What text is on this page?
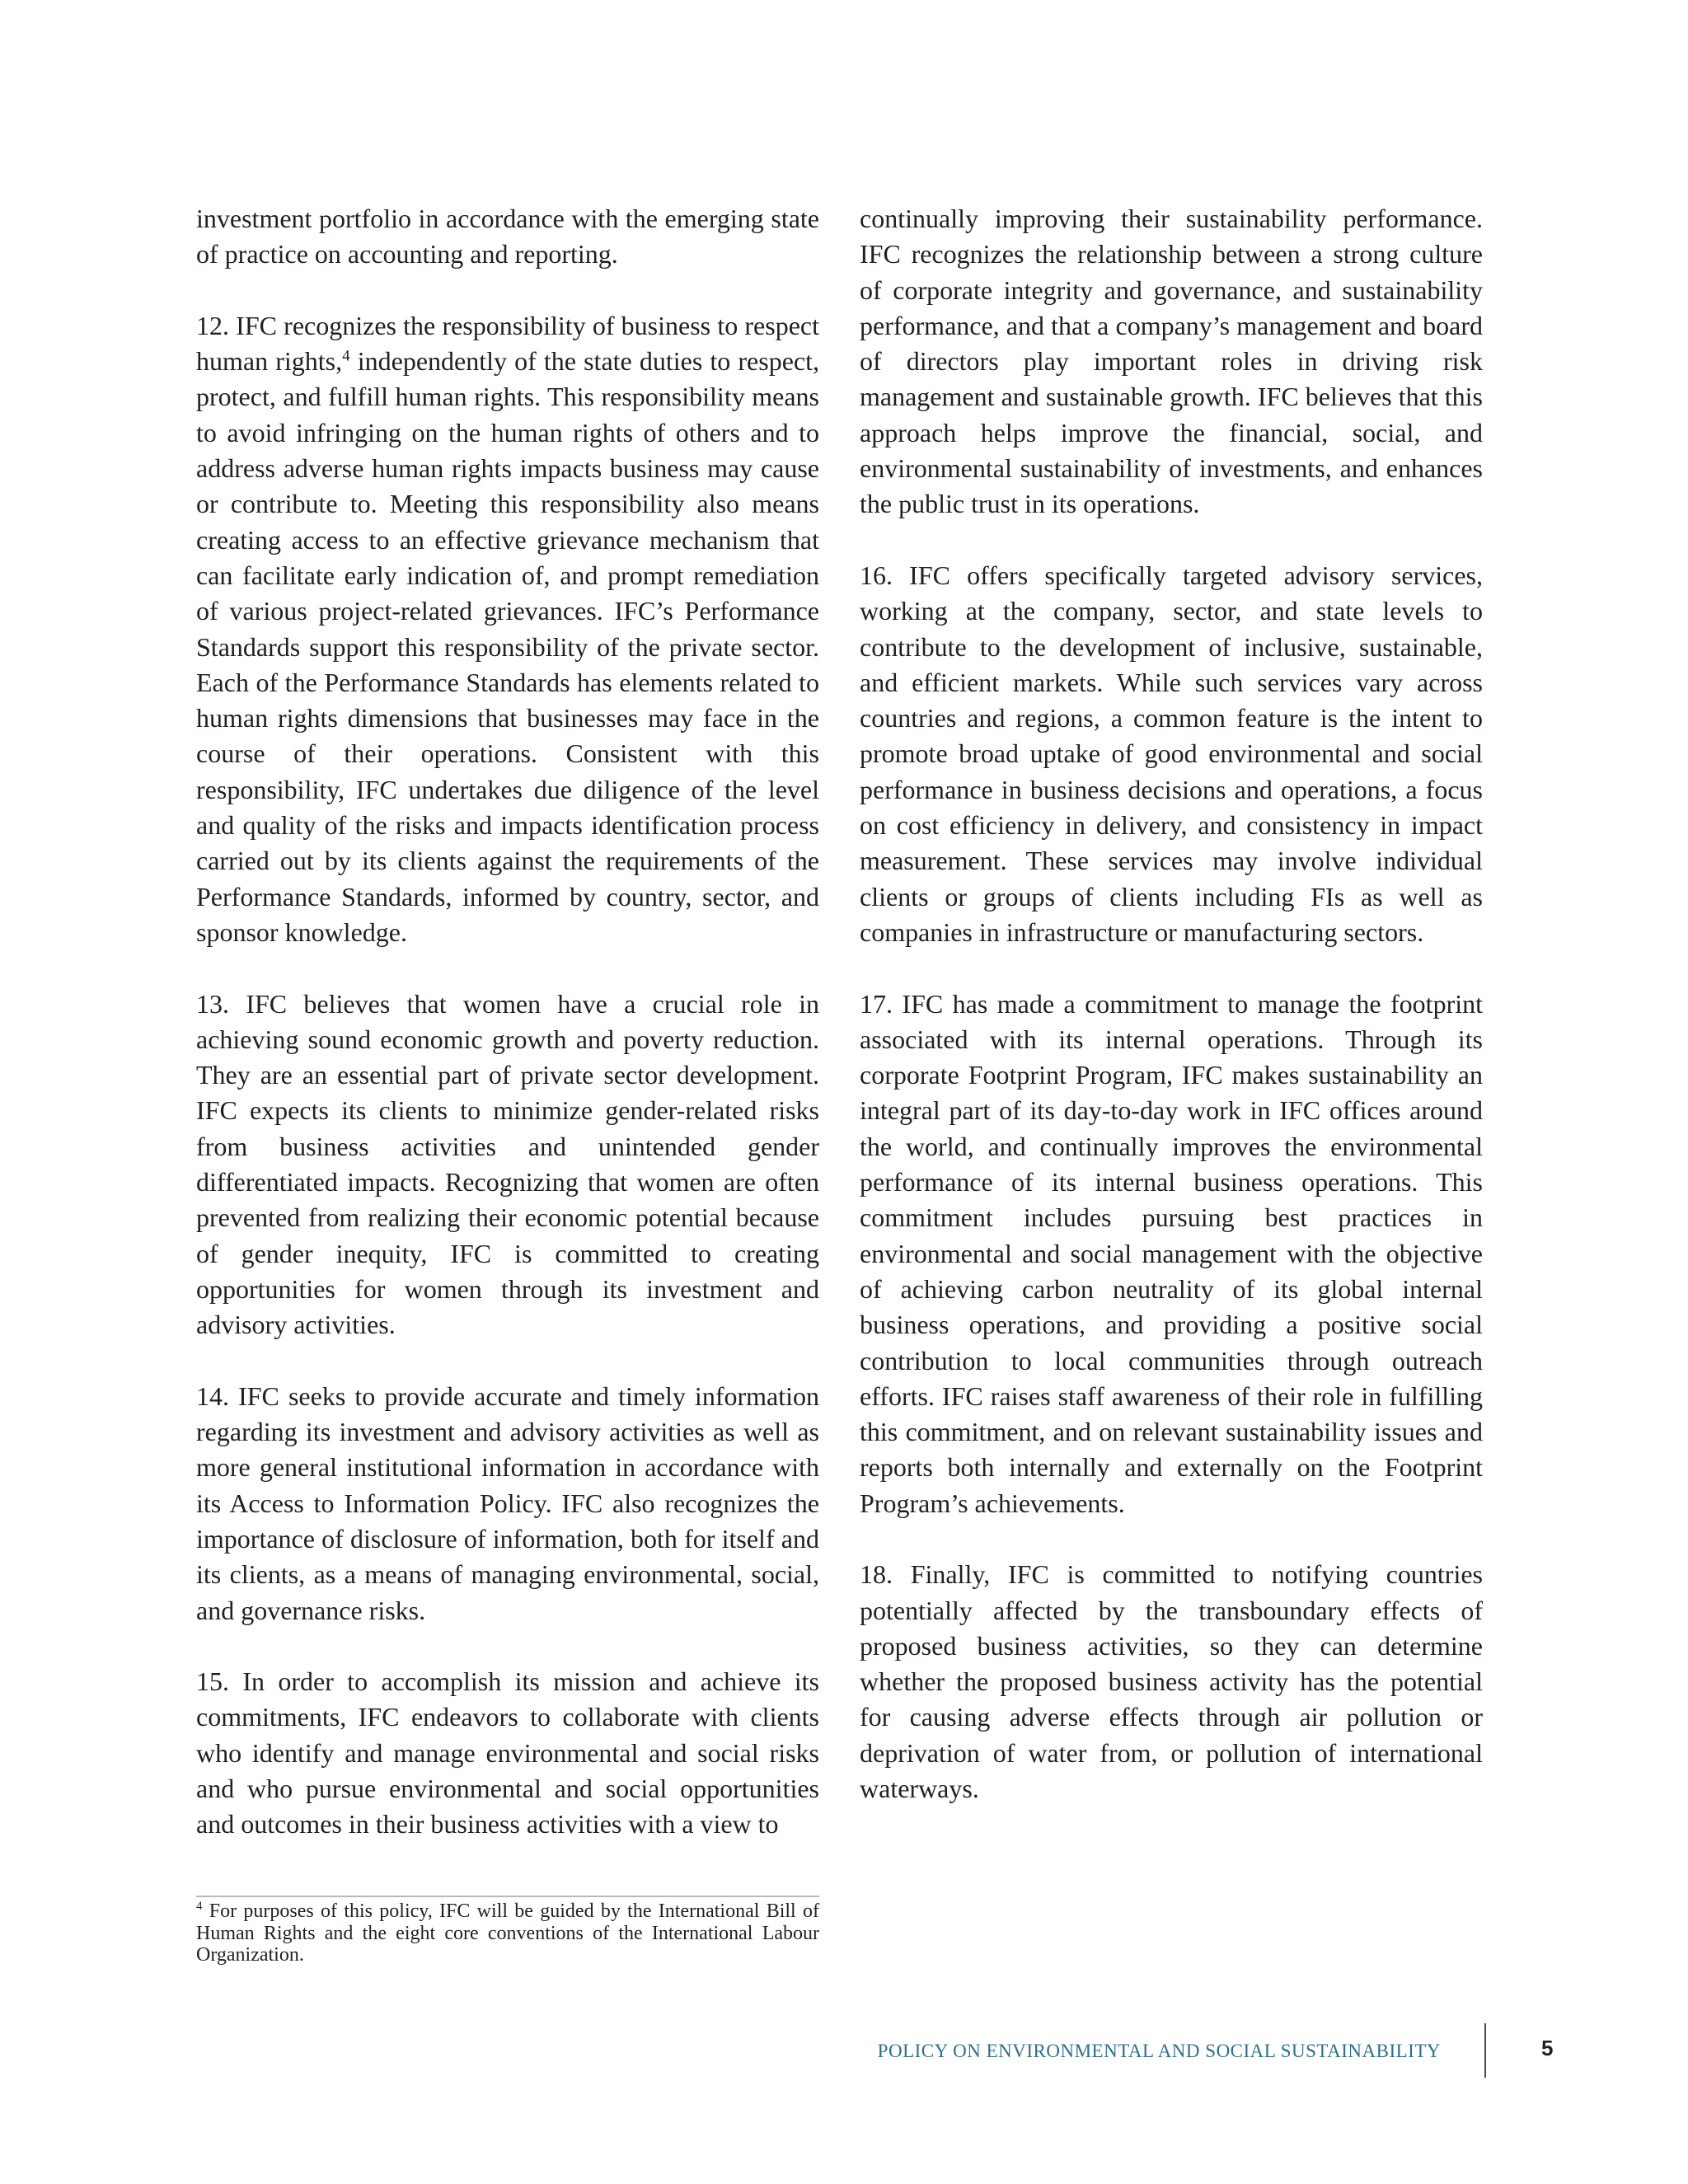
investment portfolio in accordance with the emerging state of practice on accounting and reporting.

12. IFC recognizes the responsibility of business to respect human rights,$^4$ independently of the state duties to respect, protect, and fulfill human rights. This responsibility means to avoid infringing on the human rights of others and to address adverse human rights impacts business may cause or contribute to. Meeting this responsibility also means creating access to an effective grievance mechanism that can facilitate early indication of, and prompt remediation of various project-related grievances. IFC’s Performance Standards support this responsibility of the private sector. Each of the Performance Standards has elements related to human rights dimensions that businesses may face in the course of their operations. Consistent with this responsibility, IFC undertakes due diligence of the level and quality of the risks and impacts identification process carried out by its clients against the requirements of the Performance Standards, informed by country, sector, and sponsor knowledge.

13. IFC believes that women have a crucial role in achieving sound economic growth and poverty reduction. They are an essential part of private sector development. IFC expects its clients to minimize gender-related risks from business activities and unintended gender differentiated impacts. Recognizing that women are often prevented from realizing their economic potential because of gender inequity, IFC is committed to creating opportunities for women through its investment and advisory activities.

14. IFC seeks to provide accurate and timely information regarding its investment and advisory activities as well as more general institutional information in accordance with its Access to Information Policy. IFC also recognizes the importance of disclosure of information, both for itself and its clients, as a means of managing environmental, social, and governance risks.

15. In order to accomplish its mission and achieve its commitments, IFC endeavors to collaborate with clients who identify and manage environmental and social risks and who pursue environmental and social opportunities and outcomes in their business activities with a view to

continually improving their sustainability performance. IFC recognizes the relationship between a strong culture of corporate integrity and governance, and sustainability performance, and that a company’s management and board of directors play important roles in driving risk management and sustainable growth. IFC believes that this approach helps improve the financial, social, and environmental sustainability of investments, and enhances the public trust in its operations.

16. IFC offers specifically targeted advisory services, working at the company, sector, and state levels to contribute to the development of inclusive, sustainable, and efficient markets. While such services vary across countries and regions, a common feature is the intent to promote broad uptake of good environmental and social performance in business decisions and operations, a focus on cost efficiency in delivery, and consistency in impact measurement. These services may involve individual clients or groups of clients including FIs as well as companies in infrastructure or manufacturing sectors.

17. IFC has made a commitment to manage the footprint associated with its internal operations. Through its corporate Footprint Program, IFC makes sustainability an integral part of its day-to-day work in IFC offices around the world, and continually improves the environmental performance of its internal business operations. This commitment includes pursuing best practices in environmental and social management with the objective of achieving carbon neutrality of its global internal business operations, and providing a positive social contribution to local communities through outreach efforts. IFC raises staff awareness of their role in fulfilling this commitment, and on relevant sustainability issues and reports both internally and externally on the Footprint Program’s achievements.

18. Finally, IFC is committed to notifying countries potentially affected by the transboundary effects of proposed business activities, so they can determine whether the proposed business activity has the potential for causing adverse effects through air pollution or deprivation of water from, or pollution of international waterways.

$^4$ For purposes of this policy, IFC will be guided by the International Bill of Human Rights and the eight core conventions of the International Labour Organization.
POLICY ON ENVIRONMENTAL AND SOCIAL SUSTAINABILITY	5
